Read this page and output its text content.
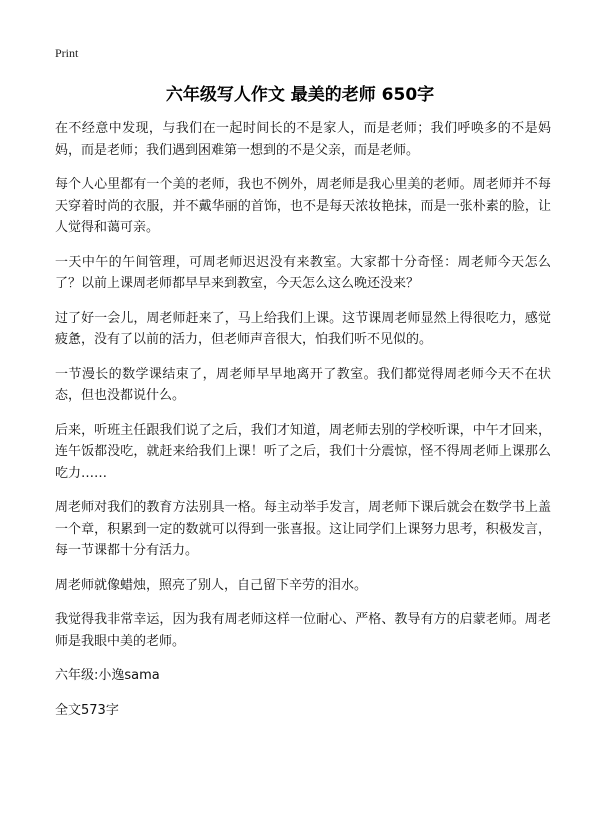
Print
六年级写人作文 最美的老师 650字

在不经意中发现，与我们在一起时间长的不是家人，而是老师；我们呼唤多的不是妈妈，而是老师；我们遇到困难第一想到的不是父亲，而是老师。

每个人心里都有一个美的老师，我也不例外，周老师是我心里美的老师。周老师并不每天穿着时尚的衣服，并不戴华丽的首饰，也不是每天浓妆艳抹，而是一张朴素的脸，让人觉得和蔼可亲。

一天中午的午间管理，可周老师迟迟没有来教室。大家都十分奇怪：周老师今天怎么了？以前上课周老师都早早来到教室，今天怎么这么晚还没来？

过了好一会儿，周老师赶来了，马上给我们上课。这节课周老师显然上得很吃力，感觉疲惫，没有了以前的活力，但老师声音很大，怕我们听不见似的。

一节漫长的数学课结束了，周老师早早地离开了教室。我们都觉得周老师今天不在状态，但也没都说什么。

后来，听班主任跟我们说了之后，我们才知道，周老师去别的学校听课，中午才回来，连午饭都没吃，就赶来给我们上课！听了之后，我们十分震惊，怪不得周老师上课那么吃力……

周老师对我们的教育方法别具一格。每主动举手发言，周老师下课后就会在数学书上盖一个章，积累到一定的数就可以得到一张喜报。这让同学们上课努力思考，积极发言，每一节课都十分有活力。

周老师就像蜡烛，照亮了别人，自己留下辛劳的泪水。

我觉得我非常幸运，因为我有周老师这样一位耐心、严格、教导有方的启蒙老师。周老师是我眼中美的老师。

六年级:小逸sama

全文573字
